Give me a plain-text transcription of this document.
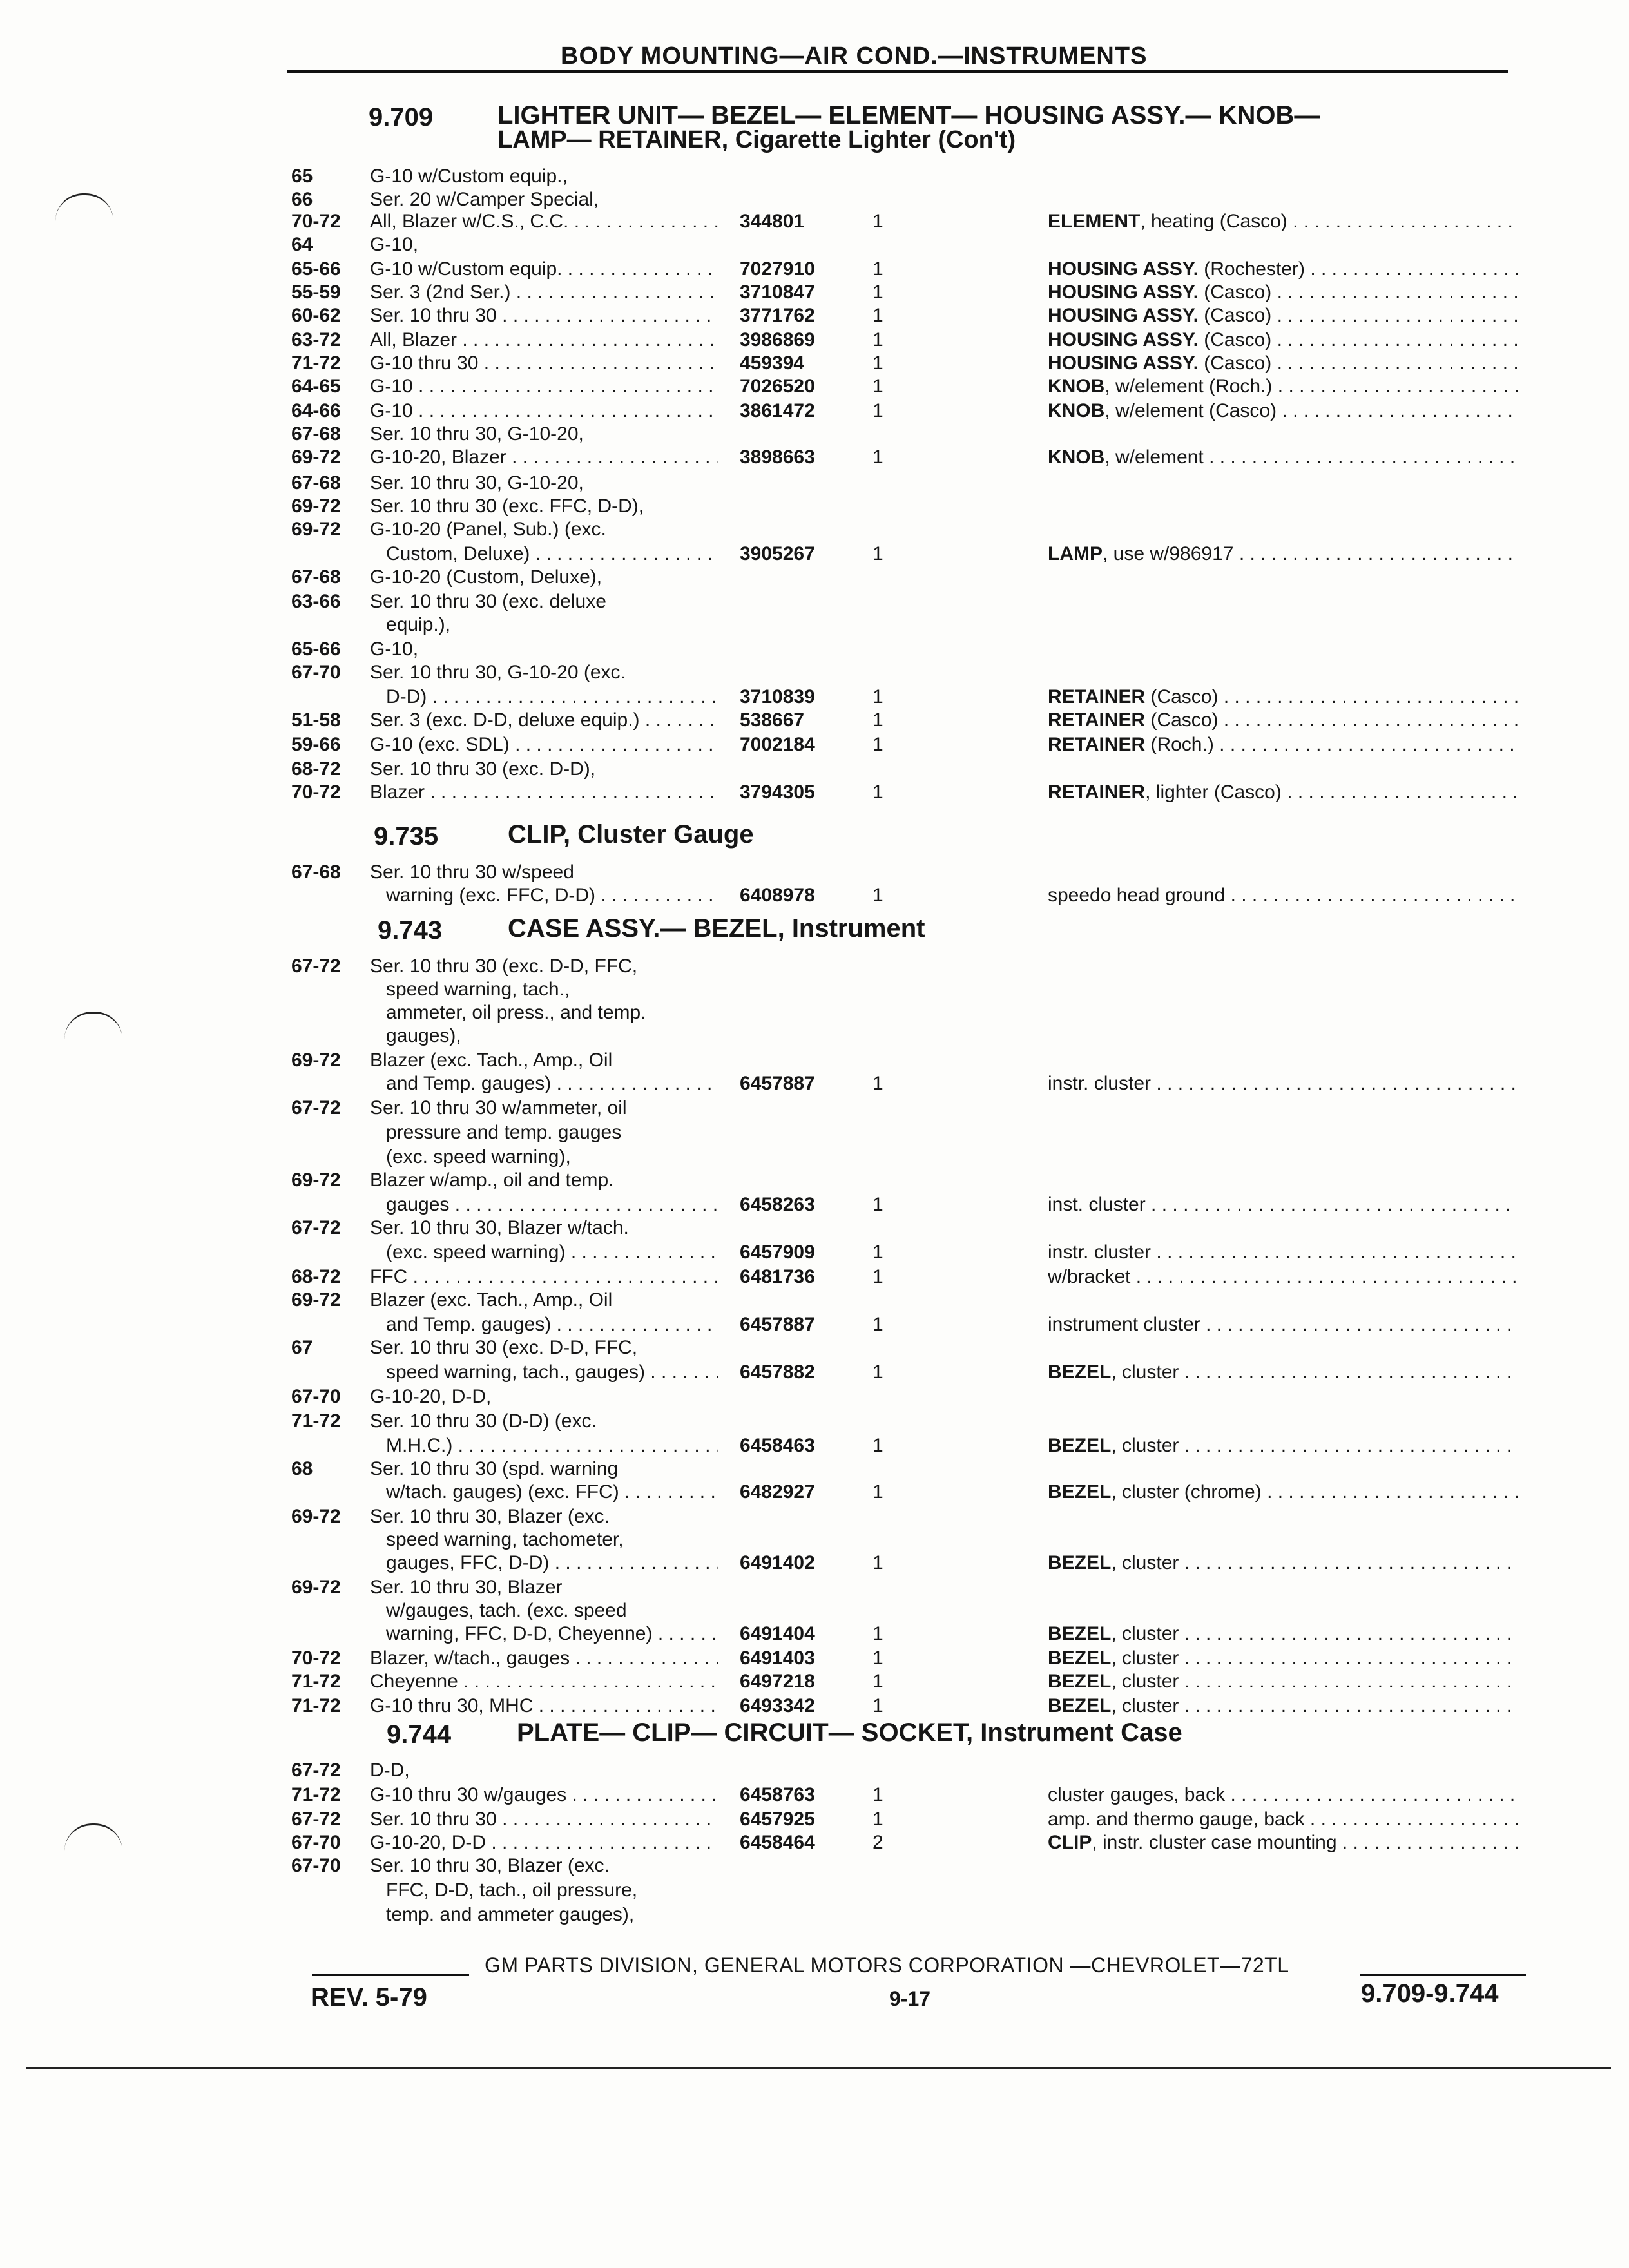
BODY MOUNTING—AIR COND.—INSTRUMENTS
9.709 LIGHTER UNIT— BEZEL— ELEMENT— HOUSING ASSY.— KNOB—
LAMP— RETAINER, Cigarette Lighter (Con't)
9.735	CLIP, Cluster Gauge
9.743	CASE ASSY.— BEZEL, Instrument
9.744	PLATE— CLIP— CIRCUIT— SOCKET, Instrument Case
65	G-10 w/Custom equip.,
66	Ser. 20 w/Camper Special,
70-72 All, Blazer w/C.S., C.C. . . .	344801	1	ELEMENT, heating (Casco) . . .
64	G-10,
65-66 G-10 w/Custom equip. . . .	7027910	1	HOUSING ASSY. (Rochester) . . .
55-59 Ser. 3 (2nd Ser.) . . .	3710847	1	HOUSING ASSY. (Casco) . . .
60-62 Ser. 10 thru 30 . . .	3771762	1	HOUSING ASSY. (Casco) . . .
63-72 All, Blazer . . .	3986869	1	HOUSING ASSY. (Casco) . . .
71-72 G-10 thru 30 . . .	459394	1	HOUSING ASSY. (Casco) . . .
64-65 G-10 . . .	7026520	1	KNOB, w/element (Roch.) . . .
64-66 G-10 . . .	3861472	1	KNOB, w/element (Casco) . . .
67-68 Ser. 10 thru 30, G-10-20,
69-72 G-10-20, Blazer . . .	3898663	1	KNOB, w/element . . .
67-68 Ser. 10 thru 30, G-10-20,
69-72 Ser. 10 thru 30 (exc. FFC, D-D),
69-72 G-10-20 (Panel, Sub.) (exc.
Custom, Deluxe) . . .	3905267	1	LAMP, use w/986917 . . .
67-68 G-10-20 (Custom, Deluxe),
63-66 Ser. 10 thru 30 (exc. deluxe
equip.),
65-66 G-10,
67-70 Ser. 10 thru 30, G-10-20 (exc.
D-D) . . .	3710839	1	RETAINER (Casco) . . .
51-58 Ser. 3 (exc. D-D, deluxe equip.) . . .	538667	1	RETAINER (Casco) . . .
59-66 G-10 (exc. SDL) . . .	7002184	1	RETAINER (Roch.) . . .
68-72 Ser. 10 thru 30 (exc. D-D),
70-72 Blazer . . .	3794305	1	RETAINER, lighter (Casco) . . .
67-68 Ser. 10 thru 30 w/speed
warning (exc. FFC, D-D) . . .	6408978	1	speedo head ground . . .
67-72 Ser. 10 thru 30 (exc. D-D, FFC,
speed warning, tach.,
ammeter, oil press., and temp.
gauges),
69-72 Blazer (exc. Tach., Amp., Oil
and Temp. gauges) . . .	6457887	1	instr. cluster . . .
67-72 Ser. 10 thru 30 w/ammeter, oil
pressure and temp. gauges
(exc. speed warning),
69-72 Blazer w/amp., oil and temp.
gauges . . .	6458263	1	inst. cluster . . .
67-72 Ser. 10 thru 30, Blazer w/tach.
(exc. speed warning) . . .	6457909	1	instr. cluster . . .
68-72 FFC . . .	6481736	1	w/bracket . . .
69-72 Blazer (exc. Tach., Amp., Oil
and Temp. gauges) . . .	6457887	1	instrument cluster . . .
67	Ser. 10 thru 30 (exc. D-D, FFC,
speed warning, tach., gauges) . . .	6457882	1	BEZEL, cluster . . .
67-70 G-10-20, D-D,
71-72 Ser. 10 thru 30 (D-D) (exc.
M.H.C.) . . .	6458463	1	BEZEL, cluster . . .
68	Ser. 10 thru 30 (spd. warning
w/tach. gauges) (exc. FFC) . . .	6482927	1	BEZEL, cluster (chrome) . . .
69-72 Ser. 10 thru 30, Blazer (exc.
speed warning, tachometer,
gauges, FFC, D-D) . . .	6491402	1	BEZEL, cluster . . .
69-72 Ser. 10 thru 30, Blazer
w/gauges, tach. (exc. speed
warning, FFC, D-D, Cheyenne) . . .	6491404	1	BEZEL, cluster . . .
70-72 Blazer, w/tach., gauges . . .	6491403	1	BEZEL, cluster . . .
71-72 Cheyenne . . .	6497218	1	BEZEL, cluster . . .
71-72 G-10 thru 30, MHC . . .	6493342	1	BEZEL, cluster . . .
67-72 D-D,
71-72 G-10 thru 30 w/gauges . . .	6458763	1	cluster gauges, back . . .
67-72 Ser. 10 thru 30 . . .	6457925	1	amp. and thermo gauge, back . . .
67-70 G-10-20, D-D . . .	6458464	2	CLIP, instr. cluster case mounting . . .
67-70 Ser. 10 thru 30, Blazer (exc.
FFC, D-D, tach., oil pressure,
temp. and ammeter gauges),
GM PARTS DIVISION, GENERAL MOTORS CORPORATION —CHEVROLET—72TL
REV. 5-79	9-17	9.709-9.744
